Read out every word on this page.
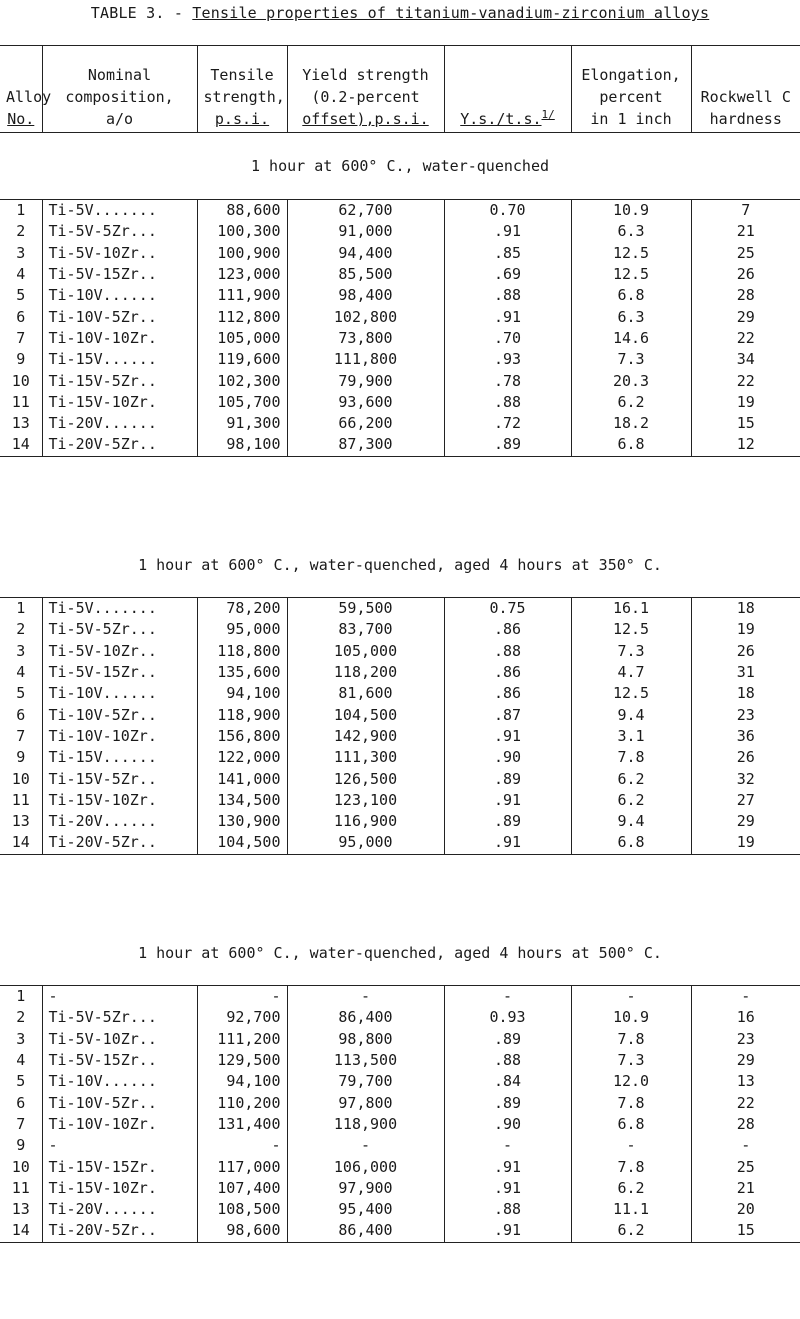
TABLE 3. - Tensile properties of titanium-vanadium-zirconium alloys
Alloy
No.	Nominal
composition,
a/o	Tensile
strength,
p.s.i.	Yield strength
(0.2-percent
offset),p.s.i.	Y.s./t.s.$^{1/}$	Elongation,
percent
in 1 inch	Rockwell C
hardness
1 hour at 600° C., water-quenched
1	Ti-5V.......	88,600	62,700	0.70	10.9	7
2	Ti-5V-5Zr...	100,300	91,000	.91	6.3	21
3	Ti-5V-10Zr..	100,900	94,400	.85	12.5	25
4	Ti-5V-15Zr..	123,000	85,500	.69	12.5	26
5	Ti-10V......	111,900	98,400	.88	6.8	28
6	Ti-10V-5Zr..	112,800	102,800	.91	6.3	29
7	Ti-10V-10Zr.	105,000	73,800	.70	14.6	22
9	Ti-15V......	119,600	111,800	.93	7.3	34
10	Ti-15V-5Zr..	102,300	79,900	.78	20.3	22
11	Ti-15V-10Zr.	105,700	93,600	.88	6.2	19
13	Ti-20V......	91,300	66,200	.72	18.2	15
14	Ti-20V-5Zr..	98,100	87,300	.89	6.8	12
1 hour at 600° C., water-quenched, aged 4 hours at 350° C.
1	Ti-5V.......	78,200	59,500	0.75	16.1	18
2	Ti-5V-5Zr...	95,000	83,700	.86	12.5	19
3	Ti-5V-10Zr..	118,800	105,000	.88	7.3	26
4	Ti-5V-15Zr..	135,600	118,200	.86	4.7	31
5	Ti-10V......	94,100	81,600	.86	12.5	18
6	Ti-10V-5Zr..	118,900	104,500	.87	9.4	23
7	Ti-10V-10Zr.	156,800	142,900	.91	3.1	36
9	Ti-15V......	122,000	111,300	.90	7.8	26
10	Ti-15V-5Zr..	141,000	126,500	.89	6.2	32
11	Ti-15V-10Zr.	134,500	123,100	.91	6.2	27
13	Ti-20V......	130,900	116,900	.89	9.4	29
14	Ti-20V-5Zr..	104,500	95,000	.91	6.8	19
1 hour at 600° C., water-quenched, aged 4 hours at 500° C.
1	-	-	-	-	-	-
2	Ti-5V-5Zr...	92,700	86,400	0.93	10.9	16
3	Ti-5V-10Zr..	111,200	98,800	.89	7.8	23
4	Ti-5V-15Zr..	129,500	113,500	.88	7.3	29
5	Ti-10V......	94,100	79,700	.84	12.0	13
6	Ti-10V-5Zr..	110,200	97,800	.89	7.8	22
7	Ti-10V-10Zr.	131,400	118,900	.90	6.8	28
9	-	-	-	-	-	-
10	Ti-15V-15Zr.	117,000	106,000	.91	7.8	25
11	Ti-15V-10Zr.	107,400	97,900	.91	6.2	21
13	Ti-20V......	108,500	95,400	.88	11.1	20
14	Ti-20V-5Zr..	98,600	86,400	.91	6.2	15
